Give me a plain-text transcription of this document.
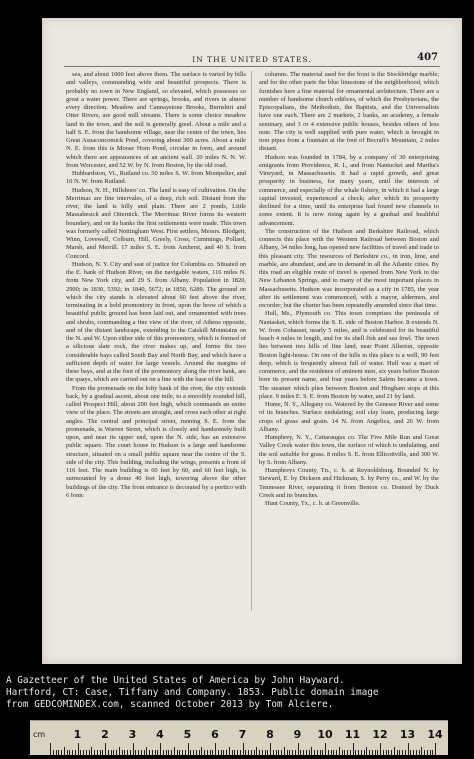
IN THE UNITED STATES.	407

sea, and about 1000 feet above them. The surface is varied by hills and valleys, commanding wide and beautiful prospects. There is probably no town in New England, so elevated, which possesses so great a water power. There are springs, brooks, and rivers in almost every direction. Meadow and Cannaystone Brooks, Burnshirt and Otter Rivers, are good mill streams. There is some choice meadow land in the town, and the soil is generally good. About a mile and a half S. E. from the handsome village, near the centre of the town, lies Great Asnaconcomick Pond, covering about 300 acres. About a mile N. E. from this is Moose Horn Pond, circular in form, and around which there are appearances of an ancient wall. 20 miles N. N. W. from Worcester, and 52 W. by N. from Boston, by the old road.

Hubbardston, Vt., Rutland co. 50 miles S. W. from Montpelier, and 10 N. W. from Rutland.

Hudson, N. H., Hillsboro' co. The land is easy of cultivation. On the Merrimac are fine intervales, of a deep, rich soil. Distant from the river, the land is hilly and plain. There are 2 ponds, Little Massabesick and Otternick. The Merrimac River forms its western boundary, and on its banks the first settlements were made. This town was formerly called Nottingham West. First settlers, Messrs. Blodgett, Winn, Lovewell, Colburn, Hill, Greely, Cross, Cummings, Pollard, Marsh, and Merrill. 17 miles S. E. from Amherst, and 40 S. from Concord.

Hudson, N. Y. City and seat of justice for Columbia co. Situated on the E. bank of Hudson River, on the navigable waters, 116 miles N. from New York city, and 29 S. from Albany. Population in 1820, 2900; in 1830, 5392; in 1840, 5672; in 1850, 6289. The ground on which the city stands is elevated about 60 feet above the river, terminating in a bold promontory in front, upon the brow of which a beautiful public ground has been laid out, and ornamented with trees and shrubs, commanding a fine view of the river, of Athens opposite, and of the distant landscape, extending to the Catskill Mountains on the N. and W. Upon either side of this promontory, which is formed of a silicious slate rock, the river makes up, and forms the two considerable bays called South Bay and North Bay, and which have a sufficient depth of water for large vessels. Around the margins of these bays, and at the foot of the promontory along the river bank, are the quays, which are carried out on a line with the base of the hill.

From the promenade on the lofty bank of the river, the city extends back, by a gradual ascent, about one mile, to a smoothly rounded hill, called Prospect Hill, about 200 feet high, which commands an entire view of the place. The streets are straight, and cross each other at right angles. The central and principal street, running S. E. from the promenade, is Warren Street, which is closely and handsomely built upon, and near its upper end, upon the N. side, has an extensive public square. The court house in Hudson is a large and handsome structure, situated on a small public square near the centre of the S. side of the city. This building, including the wings, presents a front of 116 feet. The main building is 60 feet by 60, and 60 feet high, is surmounted by a dome 40 feet high, towering above the other buildings of the city. The front entrance is decorated by a portico with 6 Ionic

columns. The material used for the front is the Stockbridge marble; and for the other parts the blue limestone of the neighborhood, which furnishes here a fine material for ornamental architecture. There are a number of handsome church edifices, of which the Presbyterians, the Episcopalians, the Methodists, the Baptists, and the Universalists have one each. There are 2 markets, 2 banks, an academy, a female seminary, and 3 or 4 extensive public houses, besides others of less note. The city is well supplied with pure water, which is brought in iron pipes from a fountain at the foot of Becraft's Mountain, 2 miles distant.

Hudson was founded in 1784, by a company of 30 enterprising emigrants from Providence, R. I., and from Nantucket and Martha's Vineyard, in Massachusetts. It had a rapid growth, and great prosperity in business, for many years, until the interests of commerce, and especially of the whale fishery, in which it had a large capital invested, experienced a check; after which its prosperity declined for a time, until its enterprise had found new channels to some extent. It is now rising again by a gradual and healthful advancement.

The construction of the Hudson and Berkshire Railroad, which connects this place with the Western Railroad between Boston and Albany, 34 miles long, has opened new facilities of travel and trade to this pleasant city. The resources of Berkshire co., in iron, lime, and marble, are abundant, and are in demand in all the Atlantic cities. By this road an eligible route of travel is opened from New York to the New Lebanon Springs, and to many of the most important places in Massachusetts. Hudson was incorporated as a city in 1785, the year after its settlement was commenced, with a mayor, aldermen, and recorder; but the charter has been repeatedly amended since that time.

Hull, Ms., Plymouth co. This town comprises the peninsula of Nantasket, which forms the S. E. side of Boston Harbor. It extends N. W. from Cohasset, nearly 5 miles, and is celebrated for its beautiful beach 4 miles in length, and for its shell fish and sea fowl. The town lies between two hills of fine land, near Point Allerton, opposite Boston light-house. On one of the hills in this place is a well, 90 feet deep, which is frequently almost full of water. Hull was a mart of commerce, and the residence of eminent men, six years before Boston bore its present name, and four years before Salem became a town. The steamer which plies between Boston and Hingham stops at this place. 9 miles E. S. E. from Boston by water, and 21 by land.

Hume, N. Y., Allegany co. Watered by the Genesee River and some of its branches. Surface undulating; soil clay loam, producing large crops of grass and grain. 14 N. from Angelica, and 26 W. from Albany.

Humphrey, N. Y., Cattaraugus co. The Five Mile Run and Great Valley Creek water this town, the surface of which is undulating, and the soil suitable for grass. 8 miles S. E. from Ellicottville, and 300 W. by S. from Albany.

Humphreys County, Tn., c. h. at Reynoldsburg. Bounded N. by Steward, E. by Dickson and Hickman, S. by Perry co., and W. by the Tennessee River, separating it from Benton co. Drained by Duck Creek and its branches.

Hunt County, Tx., c. h. at Greenville.

A Gazetteer of the United States of America by John Hayward.
Hartford, CT: Case, Tiffany and Company. 1853. Public domain image
from GEDCOMINDEX.com, scanned October 2013 by Tom Alciere.
cm	1 2 3 4 5 6 7 8 9 10 11 12 13 14
